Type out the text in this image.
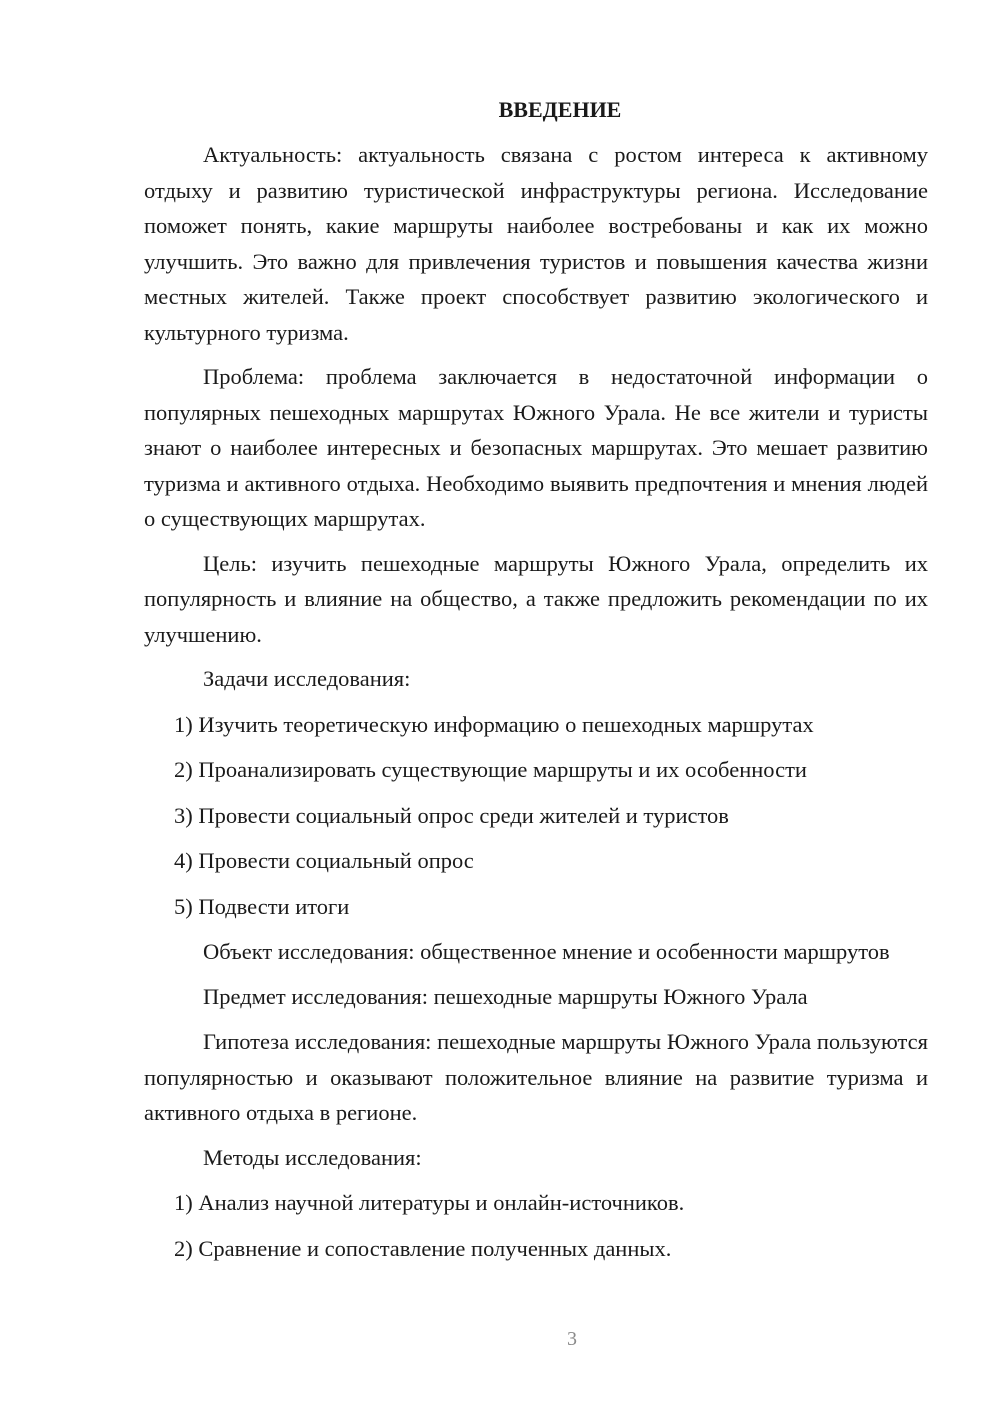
ВВЕДЕНИЕ

Актуальность: актуальность связана с ростом интереса к активному отдыху и развитию туристической инфраструктуры региона. Исследование поможет понять, какие маршруты наиболее востребованы и как их можно улучшить. Это важно для привлечения туристов и повышения качества жизни местных жителей. Также проект способствует развитию экологического и культурного туризма.

Проблема: проблема заключается в недостаточной информации о популярных пешеходных маршрутах Южного Урала. Не все жители и туристы знают о наиболее интересных и безопасных маршрутах. Это мешает развитию туризма и активного отдыха. Необходимо выявить предпочтения и мнения людей о существующих маршрутах.

Цель: изучить пешеходные маршруты Южного Урала, определить их популярность и влияние на общество, а также предложить рекомендации по их улучшению.

Задачи исследования:

1) Изучить теоретическую информацию о пешеходных маршрутах

2) Проанализировать существующие маршруты и их особенности

3) Провести социальный опрос среди жителей и туристов

4) Провести социальный опрос

5) Подвести итоги

Объект исследования: общественное мнение и особенности маршрутов

Предмет исследования: пешеходные маршруты Южного Урала

Гипотеза исследования: пешеходные маршруты Южного Урала пользуются популярностью и оказывают положительное влияние на развитие туризма и активного отдыха в регионе.

Методы исследования:

1) Анализ научной литературы и онлайн-источников.

2) Сравнение и сопоставление полученных данных.

3
